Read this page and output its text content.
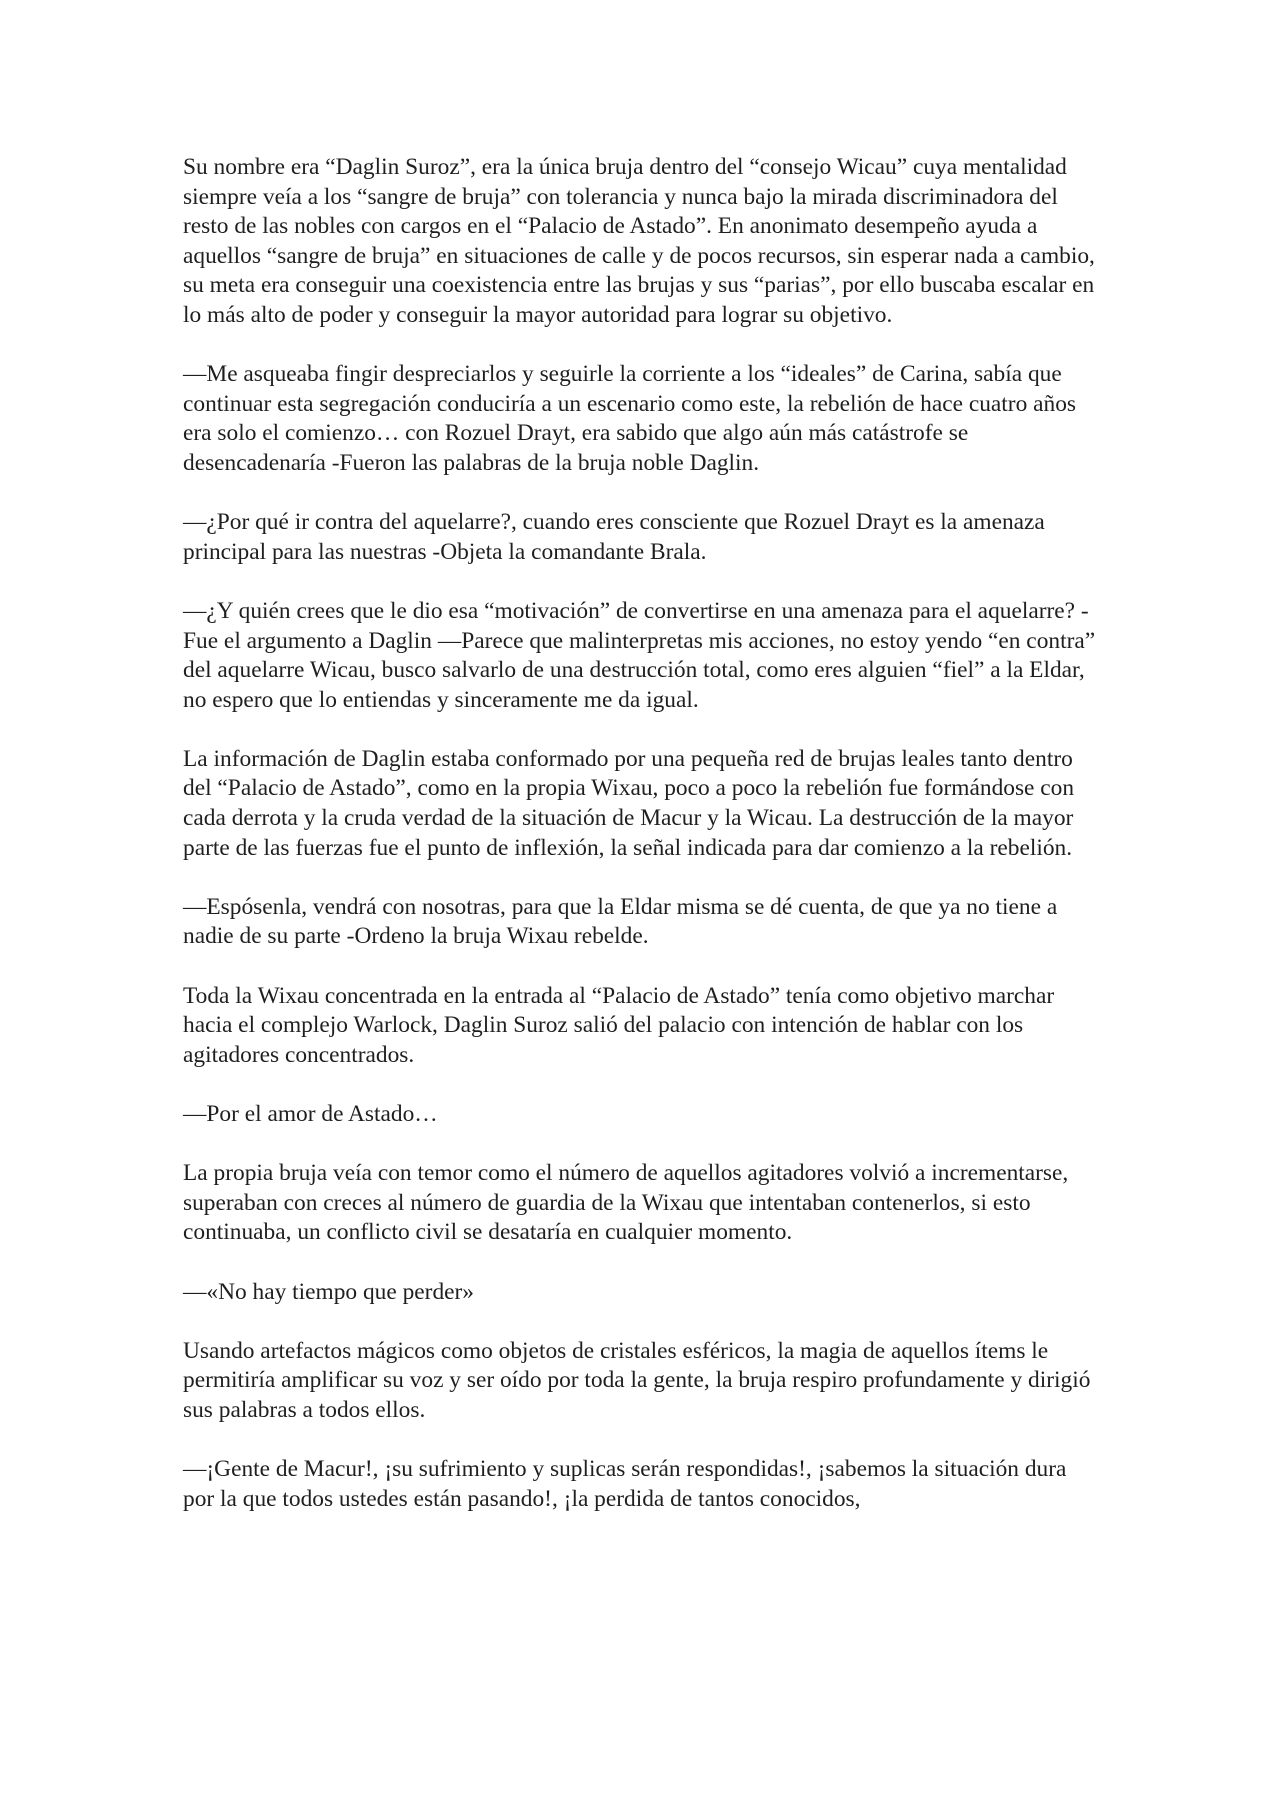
Su nombre era “Daglin Suroz”, era la única bruja dentro del “consejo Wicau” cuya mentalidad siempre veía a los “sangre de bruja” con tolerancia y nunca bajo la mirada discriminadora del resto de las nobles con cargos en el “Palacio de Astado”. En anonimato desempeño ayuda a aquellos “sangre de bruja” en situaciones de calle y de pocos recursos, sin esperar nada a cambio, su meta era conseguir una coexistencia entre las brujas y sus “parias”, por ello buscaba escalar en lo más alto de poder y conseguir la mayor autoridad para lograr su objetivo.

—Me asqueaba fingir despreciarlos y seguirle la corriente a los “ideales” de Carina, sabía que continuar esta segregación conduciría a un escenario como este, la rebelión de hace cuatro años era solo el comienzo… con Rozuel Drayt, era sabido que algo aún más catástrofe se desencadenaría -Fueron las palabras de la bruja noble Daglin.

—¿Por qué ir contra del aquelarre?, cuando eres consciente que Rozuel Drayt es la amenaza principal para las nuestras -Objeta la comandante Brala.

—¿Y quién crees que le dio esa “motivación” de convertirse en una amenaza para el aquelarre? -Fue el argumento a Daglin —Parece que malinterpretas mis acciones, no estoy yendo “en contra” del aquelarre Wicau, busco salvarlo de una destrucción total, como eres alguien “fiel” a la Eldar, no espero que lo entiendas y sinceramente me da igual.

La información de Daglin estaba conformado por una pequeña red de brujas leales tanto dentro del “Palacio de Astado”, como en la propia Wixau, poco a poco la rebelión fue formándose con cada derrota y la cruda verdad de la situación de Macur y la Wicau. La destrucción de la mayor parte de las fuerzas fue el punto de inflexión, la señal indicada para dar comienzo a la rebelión.

—Espósenla, vendrá con nosotras, para que la Eldar misma se dé cuenta, de que ya no tiene a nadie de su parte -Ordeno la bruja Wixau rebelde.

Toda la Wixau concentrada en la entrada al “Palacio de Astado” tenía como objetivo marchar hacia el complejo Warlock, Daglin Suroz salió del palacio con intención de hablar con los agitadores concentrados.

—Por el amor de Astado…

La propia bruja veía con temor como el número de aquellos agitadores volvió a incrementarse, superaban con creces al número de guardia de la Wixau que intentaban contenerlos, si esto continuaba, un conflicto civil se desataría en cualquier momento.

—«No hay tiempo que perder»

Usando artefactos mágicos como objetos de cristales esféricos, la magia de aquellos ítems le permitiría amplificar su voz y ser oído por toda la gente, la bruja respiro profundamente y dirigió sus palabras a todos ellos.

—¡Gente de Macur!, ¡su sufrimiento y suplicas serán respondidas!, ¡sabemos la situación dura por la que todos ustedes están pasando!, ¡la perdida de tantos conocidos,
